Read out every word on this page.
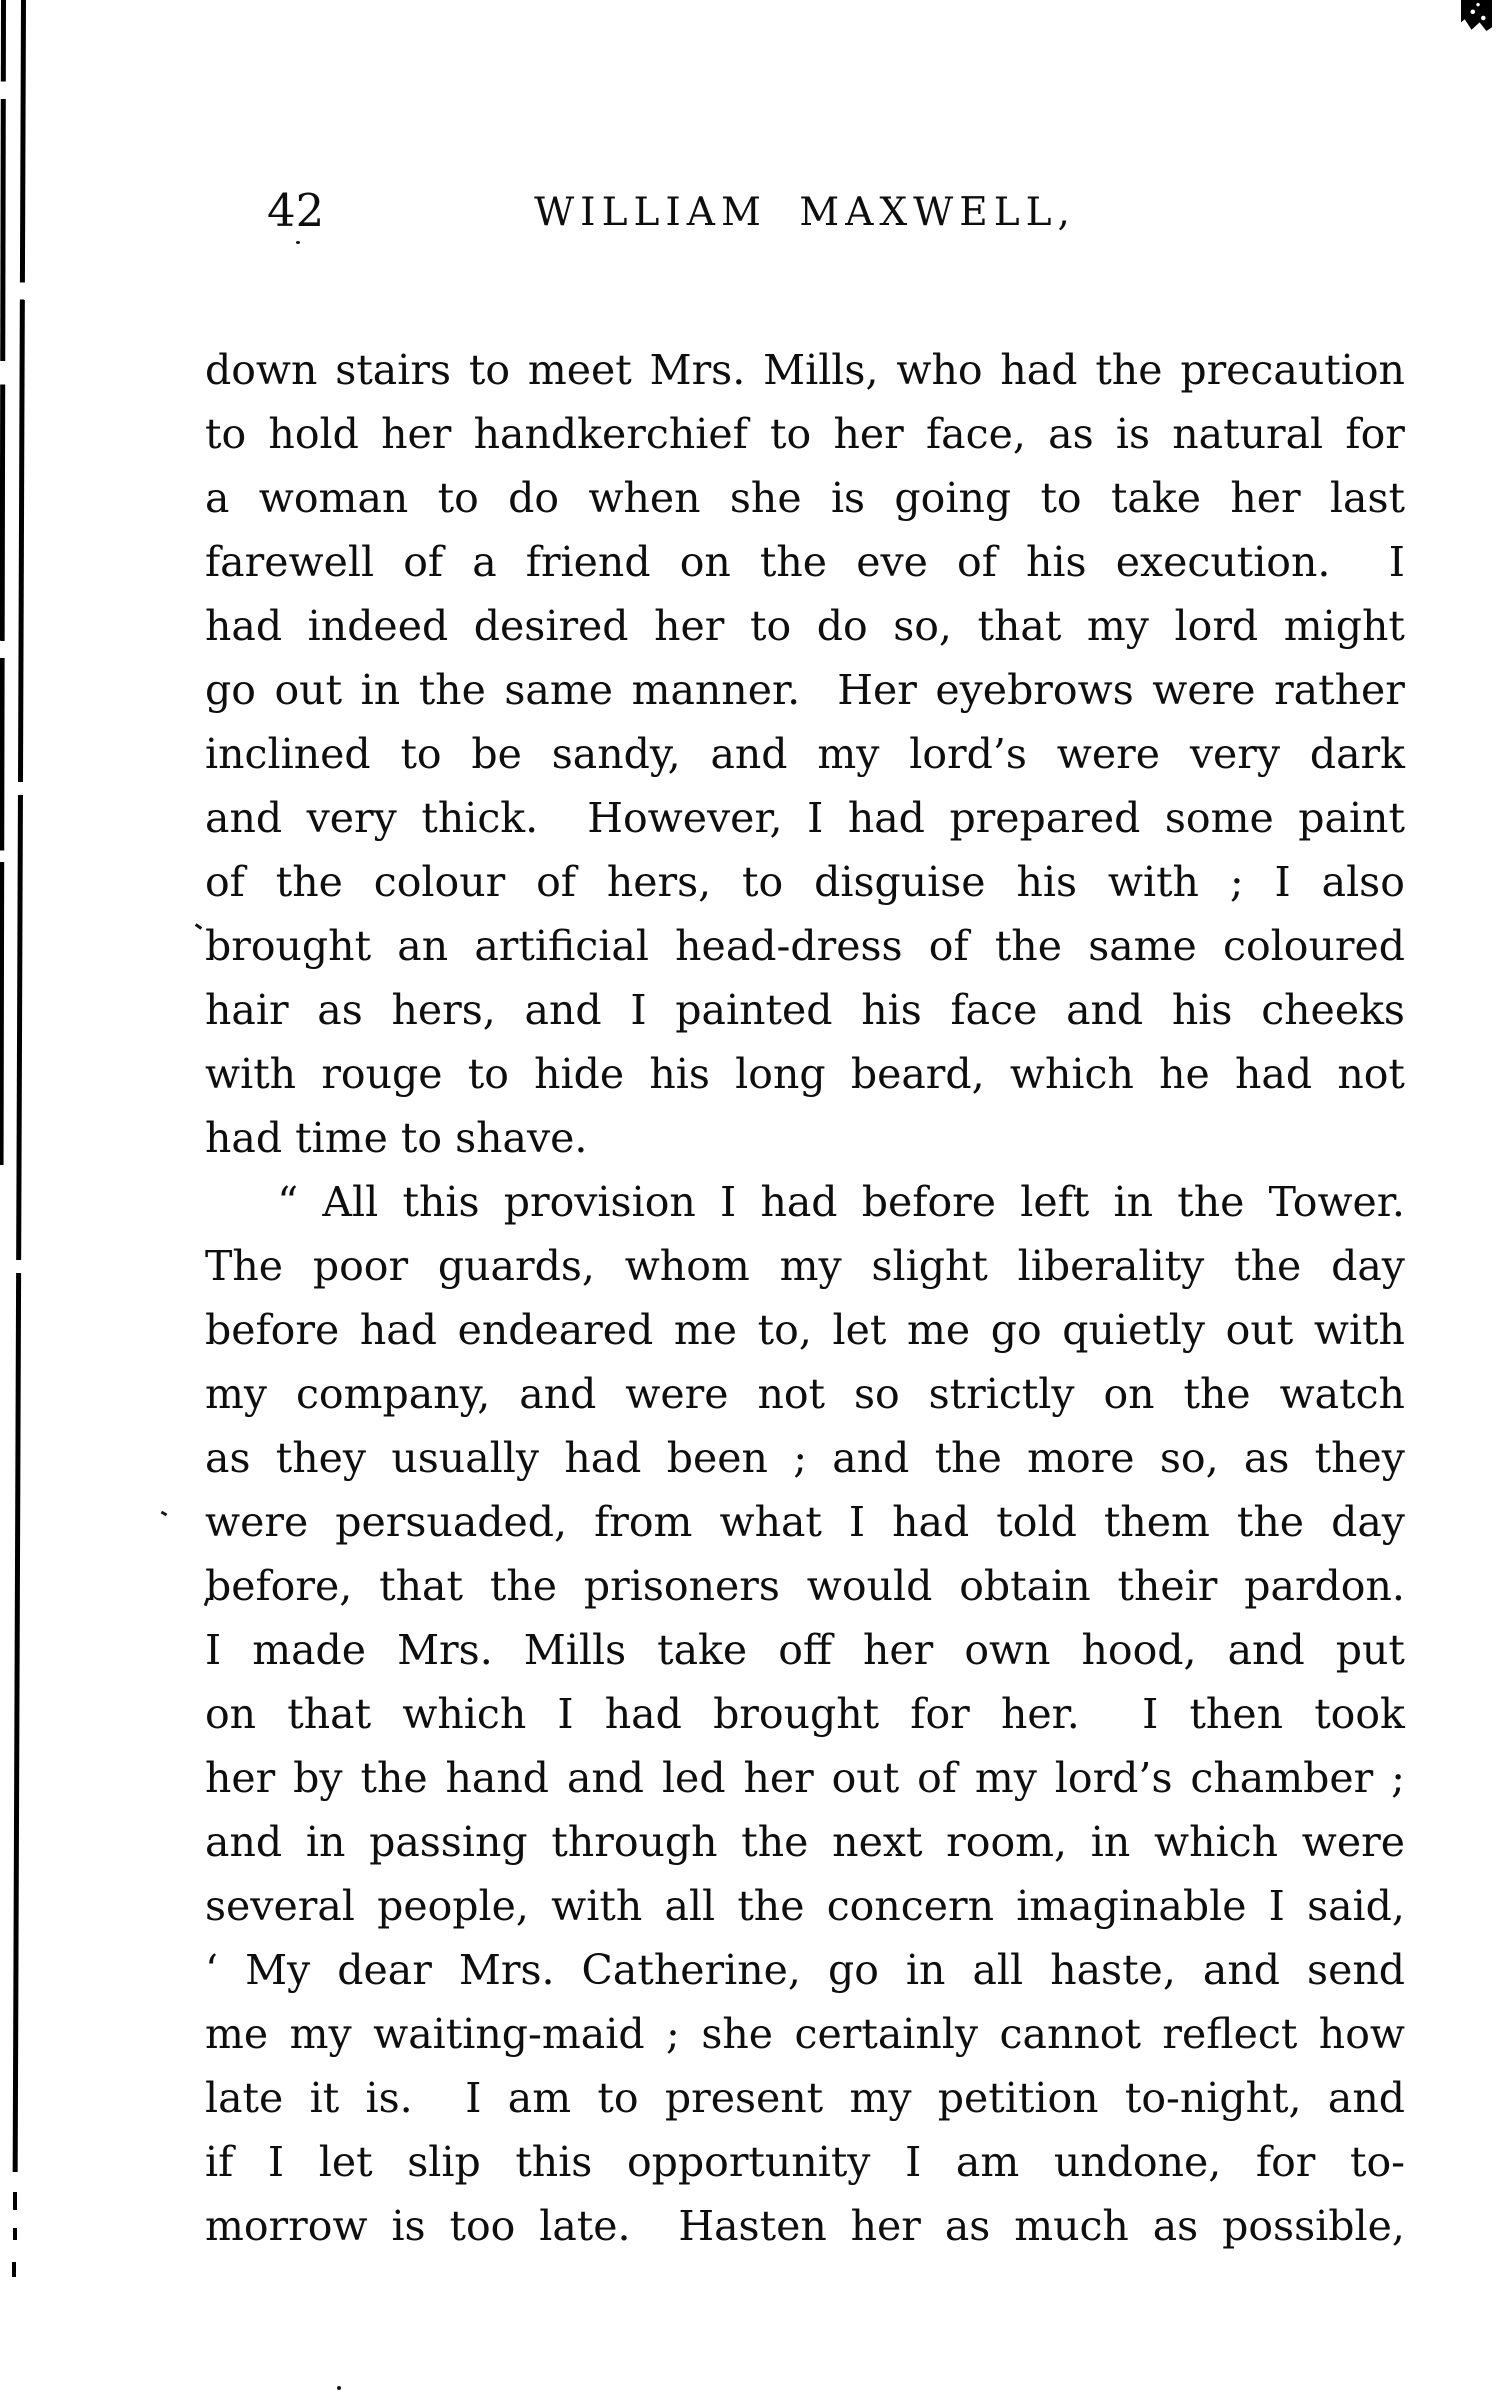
42	WILLIAM MAXWELL,
down stairs to meet Mrs. Mills, who had the precaution
to hold her handkerchief to her face, as is natural for
a woman to do when she is going to take her last
farewell of a friend on the eve of his execution. I
had indeed desired her to do so, that my lord might
go out in the same manner. Her eyebrows were rather
inclined to be sandy, and my lord’s were very dark
and very thick. However, I had prepared some paint
of the colour of hers, to disguise his with ; I also
brought an artificial head-dress of the same coloured
hair as hers, and I painted his face and his cheeks
with rouge to hide his long beard, which he had not
had time to shave.
“ All this provision I had before left in the Tower.
The poor guards, whom my slight liberality the day
before had endeared me to, let me go quietly out with
my company, and were not so strictly on the watch
as they usually had been ; and the more so, as they
were persuaded, from what I had told them the day
before, that the prisoners would obtain their pardon.
I made Mrs. Mills take off her own hood, and put
on that which I had brought for her. I then took
her by the hand and led her out of my lord’s chamber ;
and in passing through the next room, in which were
several people, with all the concern imaginable I said,
‘ My dear Mrs. Catherine, go in all haste, and send
me my waiting-maid ; she certainly cannot reflect how
late it is. I am to present my petition to-night, and
if I let slip this opportunity I am undone, for to-
morrow is too late. Hasten her as much as possible,
